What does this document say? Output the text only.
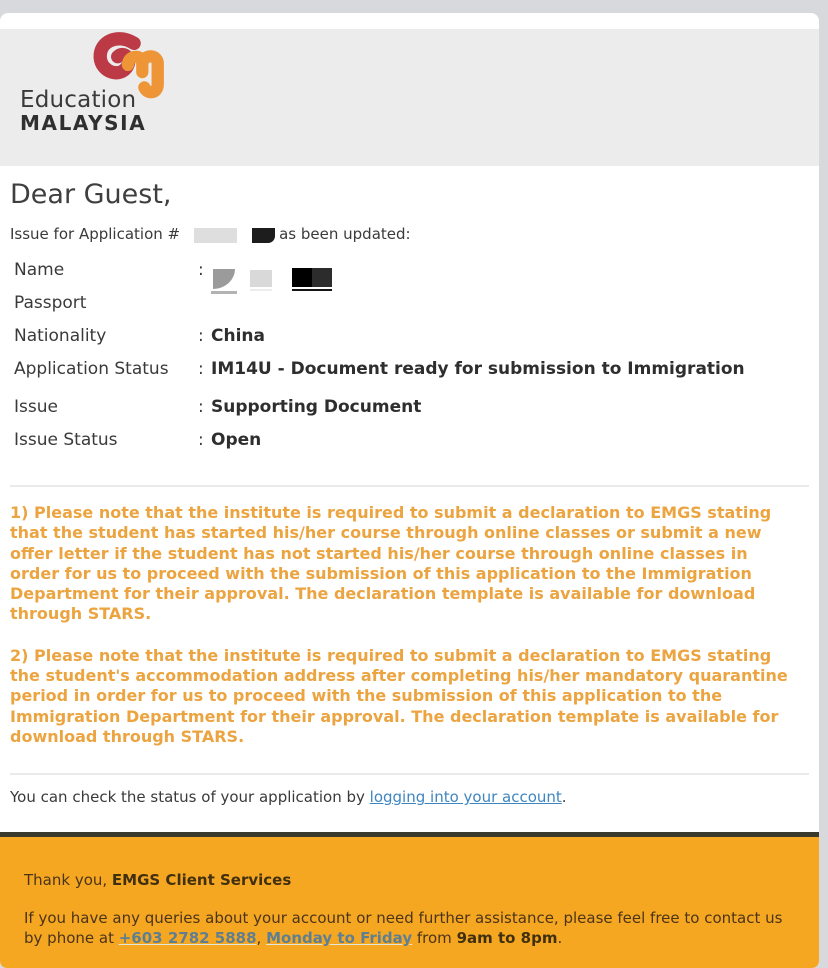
Education
MALAYSIA
Dear Guest,
Issue for Application #	as been updated:
Name	:
Passport
Nationality	: China
Application Status	: IM14U - Document ready for submission to Immigration
Issue	: Supporting Document
Issue Status	: Open

1) Please note that the institute is required to submit a declaration to EMGS stating that the student has started his/her course through online classes or submit a new offer letter if the student has not started his/her course through online classes in order for us to proceed with the submission of this application to the Immigration Department for their approval. The declaration template is available for download through STARS.

2) Please note that the institute is required to submit a declaration to EMGS stating the student's accommodation address after completing his/her mandatory quarantine period in order for us to proceed with the submission of this application to the Immigration Department for their approval. The declaration template is available for download through STARS.

You can check the status of your application by logging into your account.

Thank you, EMGS Client Services

If you have any queries about your account or need further assistance, please feel free to contact us by phone at +603 2782 5888, Monday to Friday from 9am to 8pm.
